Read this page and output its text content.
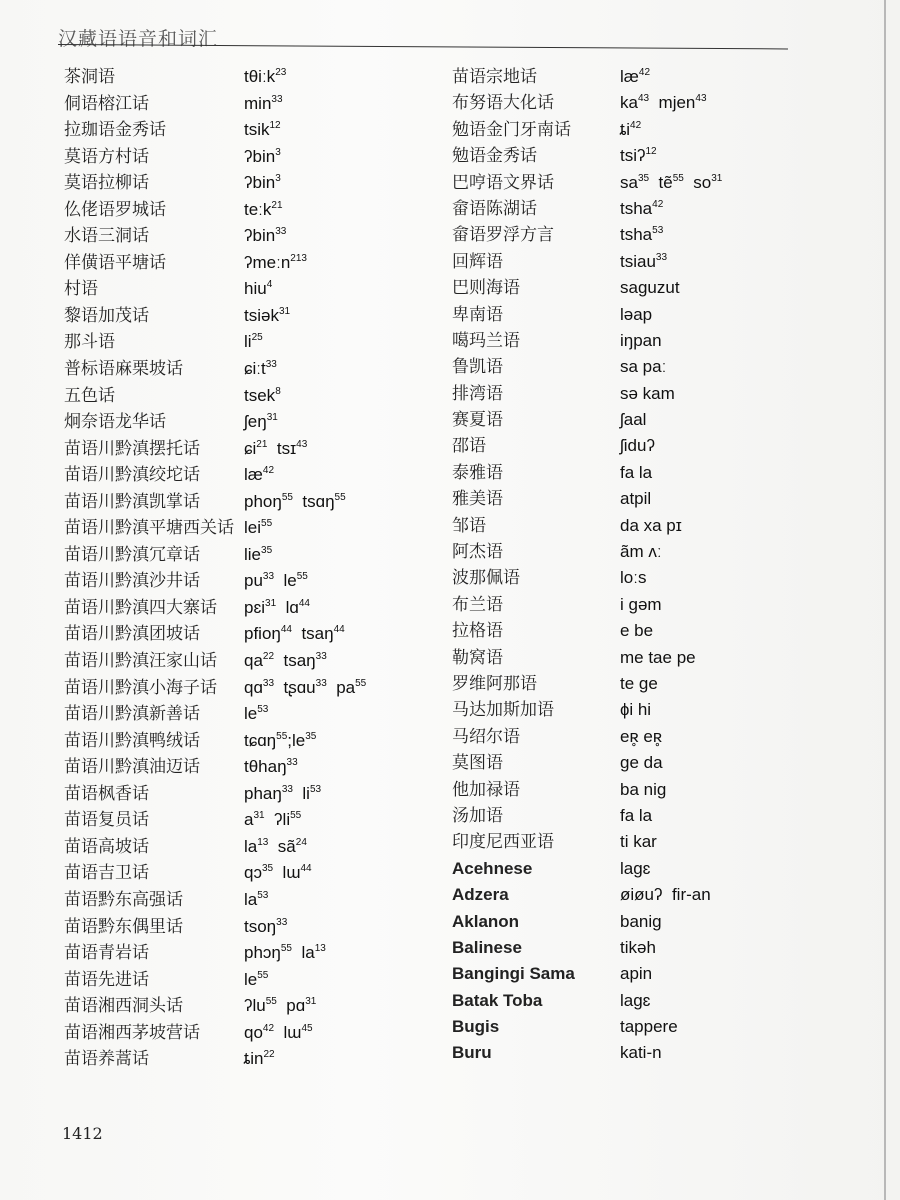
汉藏语语音和词汇
茶洞语	tθiːk$^{23}$
侗语榕江话	$\min^{33}$
拉珈语金秀话	tsik$^{12}$
莫语方村话	ʔbin$^3$
莫语拉柳话	ʔbin$^3$
仫佬语罗城话	teːk$^{21}$
水语三洞话	ʔbin$^{33}$
佯僙语平塘话	ʔmeːn$^{213}$
村语	hiu$^4$
黎语加茂话	tsiək$^{31}$
那斗语	$li^{25}$
普标语麻栗坡话	ɕiːt$^{33}$
五色话	tsek$^8$
炯奈语龙华话	ʃeŋ$^{31}$
苗语川黔滇摆托话	ɕi$^{21}$  tsɪ$^{43}$
苗语川黔滇绞坨话	$læ^{42}$
苗语川黔滇凯掌话	phoŋ$^{55}$  tsɑŋ$^{55}$
苗语川黔滇平塘西关话 lei$^{55}$
苗语川黔滇冗章话	lie$^{35}$
苗语川黔滇沙井话	$pu^{33}$  $le^{55}$
苗语川黔滇四大寨话 pɛi$^{31}$  lɑ$^{44}$
苗语川黔滇团坡话	pfioŋ$^{44}$  tsaŋ$^{44}$
苗语川黔滇汪家山话 $qa^{22}$  tsaŋ$^{33}$
苗语川黔滇小海子话 qɑ$^{33}$  tʂɑu$^{33}$  $pa^{55}$
苗语川黔滇新善话	$le^{53}$
苗语川黔滇鸭绒话	$tɕɑŋ^{55};le^{35}$
苗语川黔滇油迈话	tθhaŋ$^{33}$
苗语枫香话	phaŋ$^{33}$  $li^{53}$
苗语复员话	$a^{31}$  ʔli$^{55}$
苗语高坡话	$la^{13}$  $sã^{24}$
苗语吉卫话	qɔ$^{35}$  lɯ$^{44}$
苗语黔东高强话	$la^{53}$
苗语黔东偶里话	tsoŋ$^{33}$
苗语青岩话	phɔŋ$^{55}$  $la^{13}$
苗语先进话	$le^{55}$
苗语湘西洞头话	ʔlu$^{55}$  pɑ$^{31}$
苗语湘西茅坡营话	$qo^{42}$  lɯ$^{45}$
苗语养蒿话	ȶin$^{22}$
苗语宗地话	$læ^{42}$
布努语大化话	$ka^{43}$  mjen$^{43}$
勉语金门牙南话	$ȶi^{42}$
勉语金秀话	tsiʔ$^{12}$
巴哼语文界话	$sa^{35}$  tẽ$^{55}$  $so^{31}$
畲语陈湖话	tsha$^{42}$
畲语罗浮方言	tsha$^{53}$
回辉语	tsiau$^{33}$
巴则海语	saguzut
卑南语	ləap
噶玛兰语	iŋpan
鲁凯语	sa paː
排湾语	sə kam
赛夏语	ʃaal
邵语	ʃiduʔ
泰雅语	fa la
雅美语	atpil
邹语	da xa pɪ
阿杰语	ãm ʌː
波那佩语	loːs
布兰语	i gəm
拉格语	e be
勒窝语	me tae pe
罗维阿那语	te ge
马达加斯加语	ɸi hi
马绍尔语	eʀ̥ eʀ̥
莫图语	ge da
他加禄语	ba nig
汤加语	fa la
印度尼西亚语	ti kar
Acehnese	lagɛ
Adzera	øiøuʔ  fir-an
Aklanon	banig
Balinese	tikəh
Bangingi Sama	apin
Batak Toba	lagɛ
Bugis	tappere
Buru	kati-n
1412
